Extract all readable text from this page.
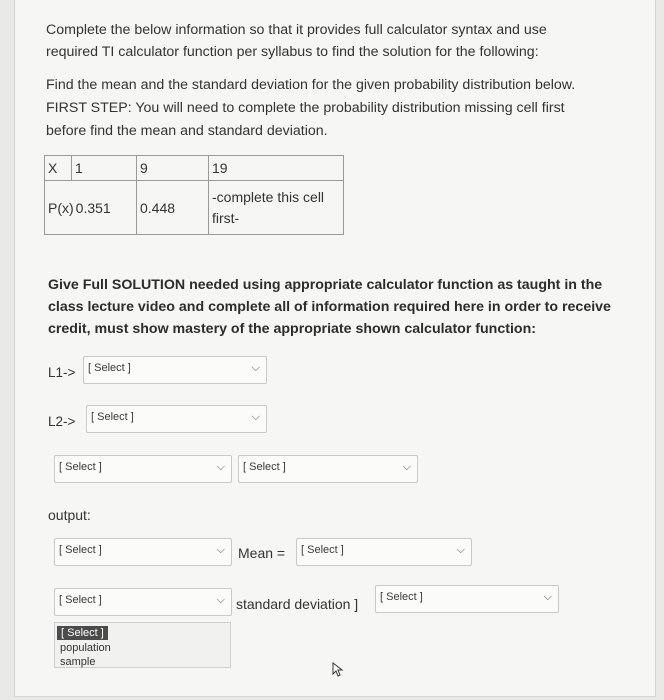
Complete the below information so that it provides full calculator syntax and use

required TI calculator function per syllabus to find the solution for the following:

Find the mean and the standard deviation for the given probability distribution below.

FIRST STEP: You will need to complete the probability distribution missing cell first

before find the mean and standard deviation.

Give Full SOLUTION needed using appropriate calculator function as taught in the

class lecture video and complete all of information required here in order to receive

credit, must show mastery of the appropriate shown calculator function:

X	1	9	19
P(x) 0.351		0.448	-complete this cell
first-
L1-> [ Select ]	⌵
L2-> [ Select ]	⌵
[ Select ]	⌵ [ Select ]	⌵
output:
[ Select ]	⌵ Mean = [ Select ]	⌵
[ Select ]	⌵ standard deviation ] [ Select ]	⌵
[ Select ]
population
sample
